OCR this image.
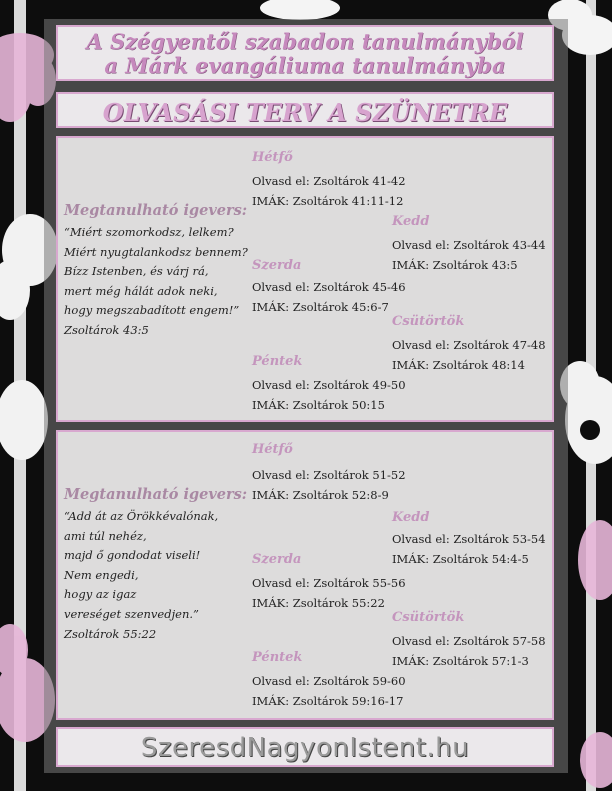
A Szégyentől szabadon tanulmányból
a Márk evangáliuma tanulmányba
OLVASÁSI TERV A SZÜNETRE
Megtanulható igevers:
“Miért szomorkodsz, lelkem?
Miért nyugtalankodsz bennem?
Bízz Istenben, és várj rá,
mert még hálát adok neki,
hogy megszabadított engem!”
Zsoltárok 43:5
Hétfő
Olvasd el: Zsoltárok 41-42
IMÁK: Zsoltárok 41:11-12
Kedd
Olvasd el: Zsoltárok 43-44
IMÁK: Zsoltárok 43:5
Szerda
Olvasd el: Zsoltárok 45-46
IMÁK: Zsoltárok 45:6-7
Csütörtök
Olvasd el: Zsoltárok 47-48
IMÁK: Zsoltárok 48:14
Péntek
Olvasd el: Zsoltárok 49-50
IMÁK: Zsoltárok 50:15
Megtanulható igevers:
“Add át az Örökkévalónak,
ami túl nehéz,
majd ő gondodat viseli!
Nem engedi,
hogy az igaz
vereséget szenvedjen.”
Zsoltárok 55:22
Hétfő
Olvasd el: Zsoltárok 51-52
IMÁK: Zsoltárok 52:8-9
Kedd
Olvasd el: Zsoltárok 53-54
IMÁK: Zsoltárok 54:4-5
Szerda
Olvasd el: Zsoltárok 55-56
IMÁK: Zsoltárok 55:22
Csütörtök
Olvasd el: Zsoltárok 57-58
IMÁK: Zsoltárok 57:1-3
Péntek
Olvasd el: Zsoltárok 59-60
IMÁK: Zsoltárok 59:16-17
SzeresdNagyonIstent.hu
